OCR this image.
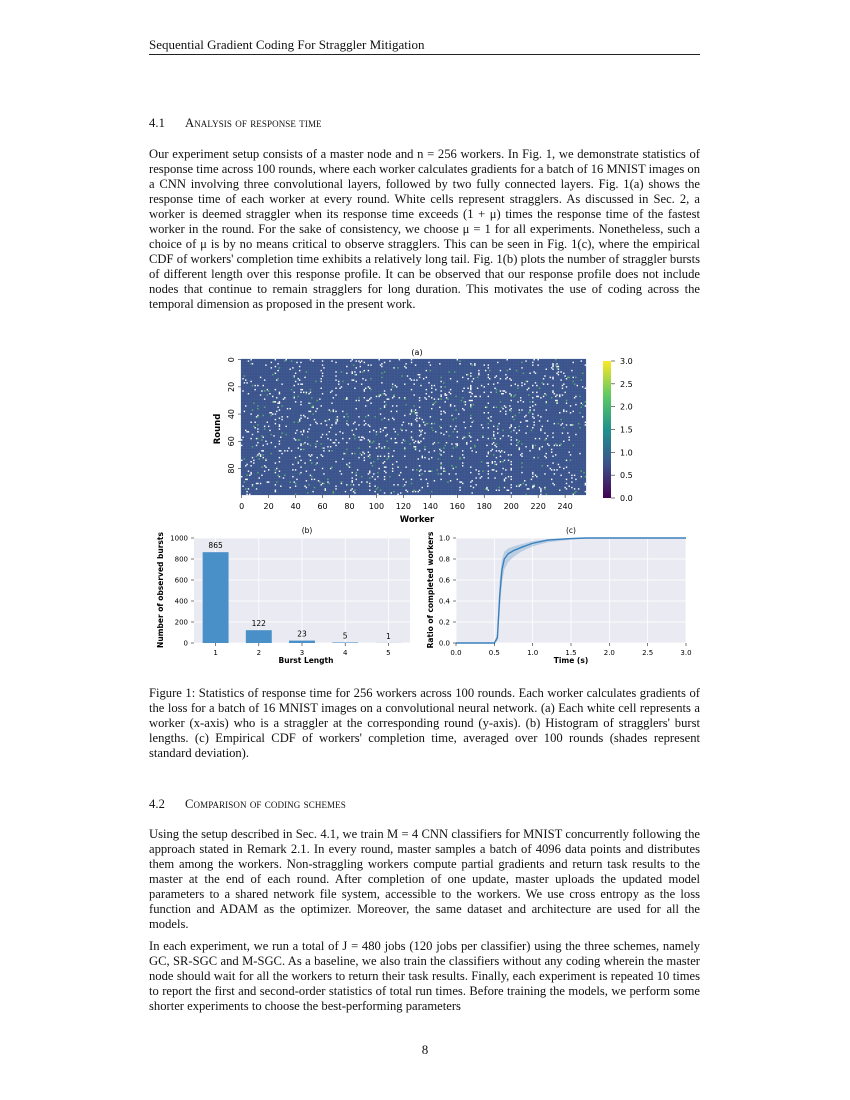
Sequential Gradient Coding For Straggler Mitigation
4.1 Analysis of response time

Our experiment setup consists of a master node and n = 256 workers. In Fig. 1, we demonstrate statistics of response time across 100 rounds, where each worker calculates gradients for a batch of 16 MNIST images on a CNN involving three convolutional layers, followed by two fully connected layers. Fig. 1(a) shows the response time of each worker at every round. White cells represent stragglers. As discussed in Sec. 2, a worker is deemed straggler when its response time exceeds (1 + μ) times the response time of the fastest worker in the round. For the sake of consistency, we choose μ = 1 for all experiments. Nonetheless, such a choice of μ is by no means critical to observe stragglers. This can be seen in Fig. 1(c), where the empirical CDF of workers' completion time exhibits a relatively long tail. Fig. 1(b) plots the number of straggler bursts of different length over this response profile. It can be observed that our response profile does not include nodes that continue to remain stragglers for long duration. This motivates the use of coding across the temporal dimension as proposed in the present work.

(a)
0 20 40 60 80 100 120 140 160 180 200 220 240
0
20
40
60
80
Worker
Round
0.0
0.5
1.0
1.5
2.0
2.5
3.0
(b)
865
122
23	5	1
1	2	3	4	5
0
200
400
600
800
1000
Burst Length
Number of observed bursts
(c)
0.0	0.5	1.0	1.5	2.0	2.5	3.0
0.0
0.2
0.4
0.6
0.8
1.0
Time (s)
Ratio of completed workers

Figure 1: Statistics of response time for 256 workers across 100 rounds. Each worker calculates gradients of the loss for a batch of 16 MNIST images on a convolutional neural network. (a) Each white cell represents a worker (x-axis) who is a straggler at the corresponding round (y-axis). (b) Histogram of stragglers' burst lengths. (c) Empirical CDF of workers' completion time, averaged over 100 rounds (shades represent standard deviation).

4.2 Comparison of coding schemes

Using the setup described in Sec. 4.1, we train M = 4 CNN classifiers for MNIST concurrently following the approach stated in Remark 2.1. In every round, master samples a batch of 4096 data points and distributes them among the workers. Non-straggling workers compute partial gradients and return task results to the master at the end of each round. After completion of one update, master uploads the updated model parameters to a shared network file system, accessible to the workers. We use cross entropy as the loss function and ADAM as the optimizer. Moreover, the same dataset and architecture are used for all the models.

In each experiment, we run a total of J = 480 jobs (120 jobs per classifier) using the three schemes, namely GC, SR-SGC and M-SGC. As a baseline, we also train the classifiers without any coding wherein the master node should wait for all the workers to return their task results. Finally, each experiment is repeated 10 times to report the first and second-order statistics of total run times. Before training the models, we perform some shorter experiments to choose the best-performing parameters

8
